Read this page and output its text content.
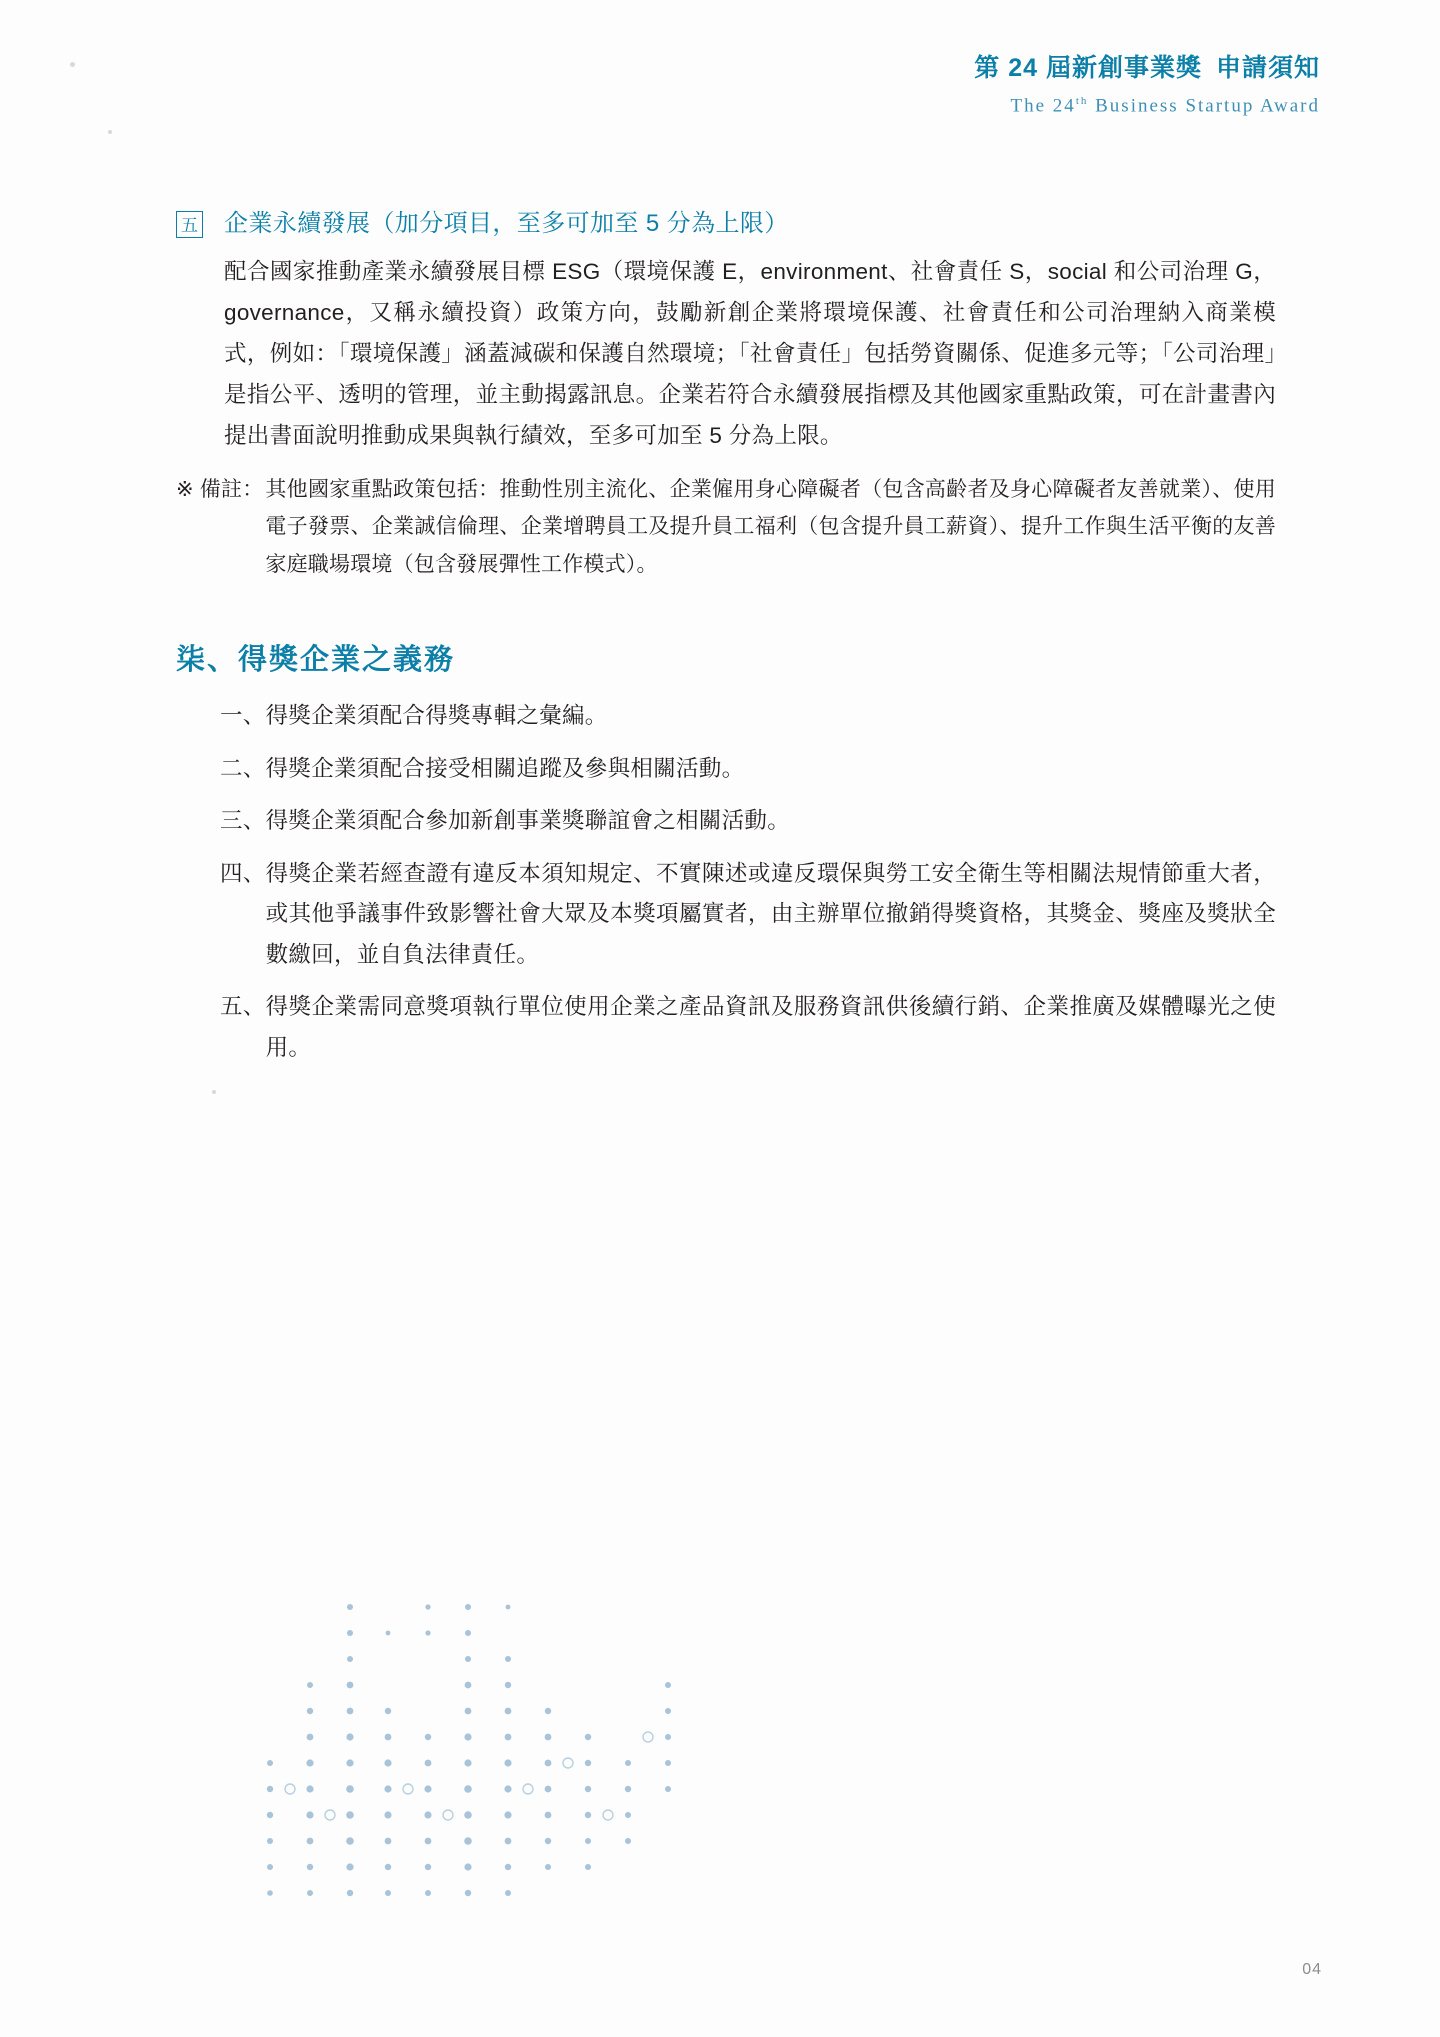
第 24 屆新創事業獎 申請須知
The 24th Business Startup Award
五	企業永續發展（加分項目，至多可加至 5 分為上限）
配合國家推動產業永續發展目標 ESG（環境保護 E，environment、社會責任 S，social 和公司治理 G，governance，又稱永續投資）政策方向，鼓勵新創企業將環境保護、社會責任和公司治理納入商業模式，例如：「環境保護」涵蓋減碳和保護自然環境；「社會責任」包括勞資關係、促進多元等；「公司治理」是指公平、透明的管理，並主動揭露訊息。企業若符合永續發展指標及其他國家重點政策，可在計畫書內提出書面說明推動成果與執行績效，至多可加至 5 分為上限。
※ 備註： 其他國家重點政策包括：推動性別主流化、企業僱用身心障礙者（包含高齡者及身心障礙者友善就業）、使用電子發票、企業誠信倫理、企業增聘員工及提升員工福利（包含提升員工薪資）、提升工作與生活平衡的友善家庭職場環境（包含發展彈性工作模式）。
柒、得獎企業之義務
一、 得獎企業須配合得獎專輯之彙編。
二、 得獎企業須配合接受相關追蹤及參與相關活動。
三、 得獎企業須配合參加新創事業獎聯誼會之相關活動。
四、 得獎企業若經查證有違反本須知規定、不實陳述或違反環保與勞工安全衛生等相關法規情節重大者，或其他爭議事件致影響社會大眾及本獎項屬實者，由主辦單位撤銷得獎資格，其獎金、獎座及獎狀全數繳回，並自負法律責任。
五、 得獎企業需同意獎項執行單位使用企業之產品資訊及服務資訊供後續行銷、企業推廣及媒體曝光之使用。
04
